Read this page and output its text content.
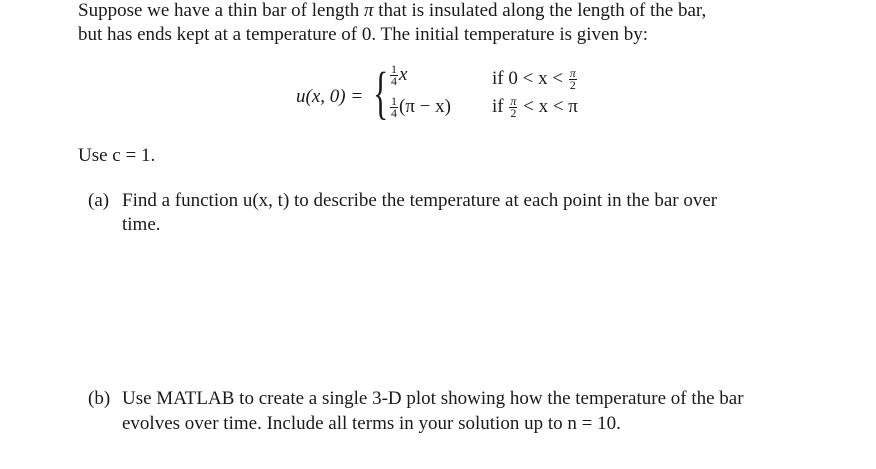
Suppose we have a thin bar of length π that is insulated along the length of the bar,
but has ends kept at a temperature of 0. The initial temperature is given by:
u(x, 0) = { $\frac{1}{4}$ x	if $0 < x < \frac{\pi}{2}$
$\frac{1}{4} (\pi - x)$ if $\frac{\pi}{2} < x < \pi$
Use c = 1.
(a) Find a function u(x, t) to describe the temperature at each point in the bar over
time.
(b) Use MATLAB to create a single 3-D plot showing how the temperature of the bar
evolves over time. Include all terms in your solution up to n = 10.
